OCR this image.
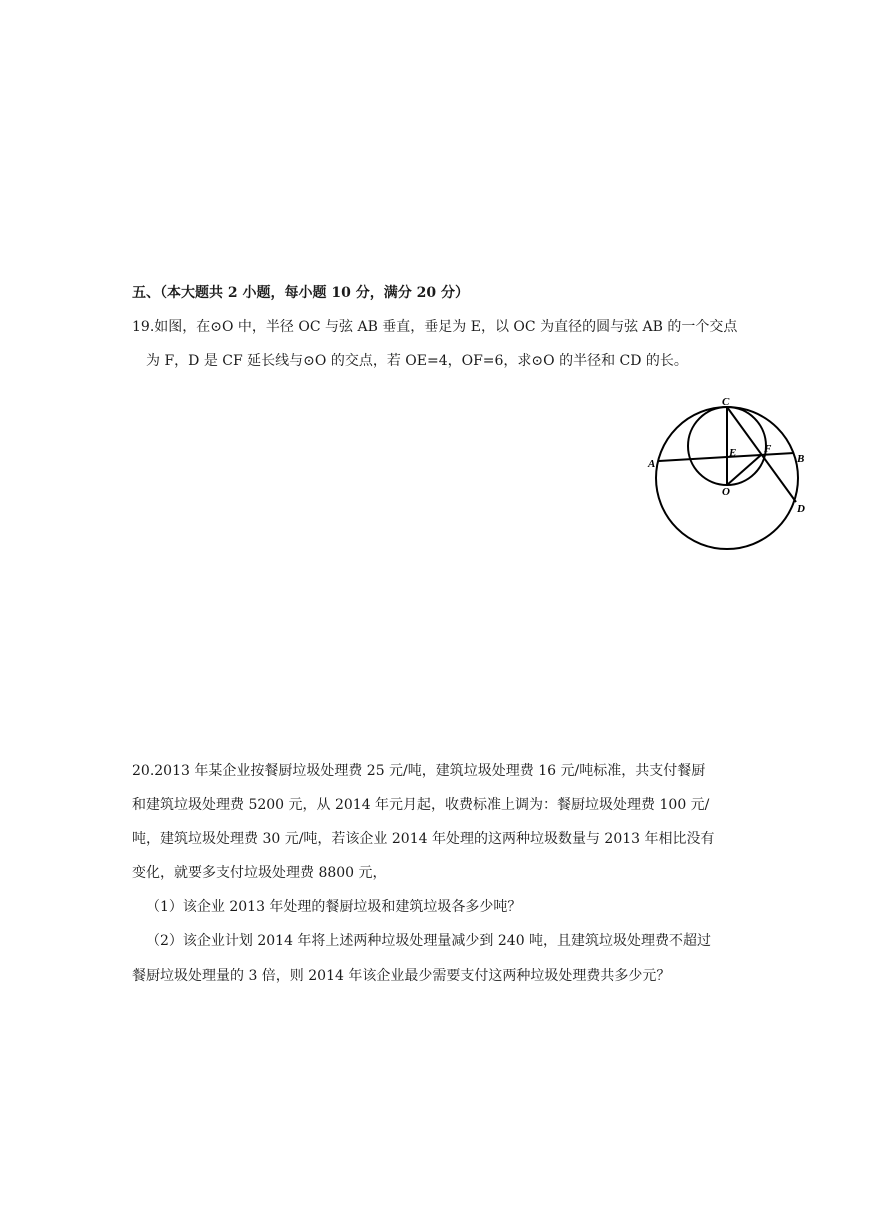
五、（本大题共 2 小题，每小题 10 分，满分 20 分）
19.如图，在⊙O 中，半径 OC 与弦 AB 垂直，垂足为 E，以 OC 为直径的圆与弦 AB 的一个交点
为 F，D 是 CF 延长线与⊙O 的交点，若 OE=4，OF=6，求⊙O 的半径和 CD 的长。
C
E	F
A	B
O
D
20.2013 年某企业按餐厨垃圾处理费 25 元/吨，建筑垃圾处理费 16 元/吨标准，共支付餐厨
和建筑垃圾处理费 5200 元，从 2014 年元月起，收费标准上调为：餐厨垃圾处理费 100 元/
吨，建筑垃圾处理费 30 元/吨，若该企业 2014 年处理的这两种垃圾数量与 2013 年相比没有
变化，就要多支付垃圾处理费 8800 元，
（1）该企业 2013 年处理的餐厨垃圾和建筑垃圾各多少吨？
（2）该企业计划 2014 年将上述两种垃圾处理量减少到 240 吨，且建筑垃圾处理费不超过
餐厨垃圾处理量的 3 倍，则 2014 年该企业最少需要支付这两种垃圾处理费共多少元？
